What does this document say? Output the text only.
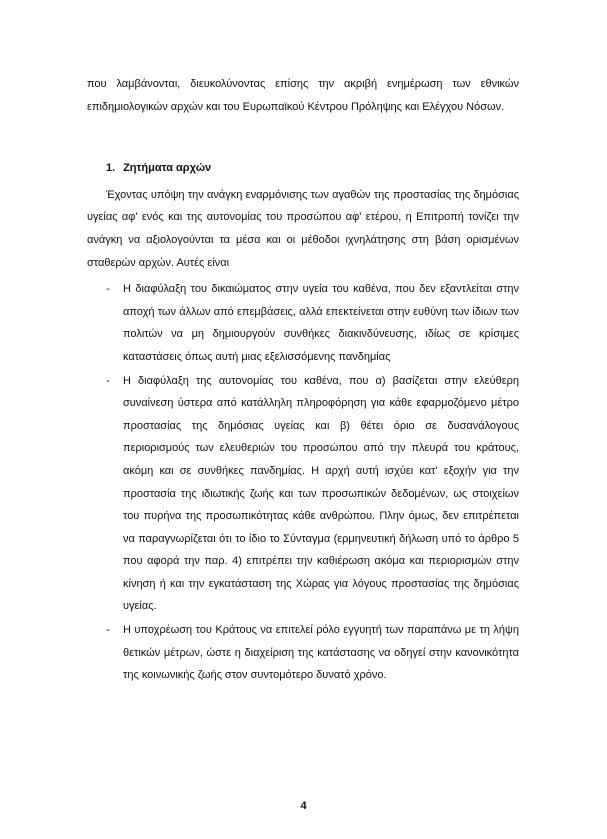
που λαμβάνονται, διευκολύνοντας επίσης την ακριβή ενημέρωση των εθνικών επιδημιολογικών αρχών και του Ευρωπαϊκού Κέντρου Πρόληψης και Ελέγχου Νόσων.

1. Ζητήματα αρχών

Έχοντας υπόψη την ανάγκη εναρμόνισης των αγαθών της προστασίας της δημόσιας υγείας αφ' ενός και της αυτονομίας του προσώπου αφ' ετέρου, η Επιτροπή τονίζει την ανάγκη να αξιολογούνται τα μέσα και οι μέθοδοι ιχνηλάτησης στη βάση ορισμένων σταθερών αρχών. Αυτές είναι

- Η διαφύλαξη του δικαιώματος στην υγεία του καθένα, που δεν εξαντλείται στην αποχή των άλλων από επεμβάσεις, αλλά επεκτείνεται στην ευθύνη των ίδιων των πολιτών να μη δημιουργούν συνθήκες διακινδύνευσης, ιδίως σε κρίσιμες καταστάσεις όπως αυτή μιας εξελισσόμενης πανδημίας
- Η διαφύλαξη της αυτονομίας του καθένα, που α) βασίζεται στην ελεύθερη συναίνεση ύστερα από κατάλληλη πληροφόρηση για κάθε εφαρμοζόμενο μέτρο προστασίας της δημόσιας υγείας και β) θέτει όριο σε δυσανάλογους περιορισμούς των ελευθεριών του προσώπου από την πλευρά του κράτους, ακόμη και σε συνθήκες πανδημίας. Η αρχή αυτή ισχύει κατ' εξοχήν για την προστασία της ιδιωτικής ζωής και των προσωπικών δεδομένων, ως στοιχείων του πυρήνα της προσωπικότητας κάθε ανθρώπου. Πλην όμως, δεν επιτρέπεται να παραγνωρίζεται ότι το ίδιο το Σύνταγμα (ερμηνευτική δήλωση υπό το άρθρο 5 που αφορά την παρ. 4) επιτρέπει την καθιέρωση ακόμα και περιορισμών στην κίνηση ή και την εγκατάσταση της Χώρας για λόγους προστασίας της δημόσιας υγείας.
- Η υποχρέωση του Κράτους να επιτελεί ρόλο εγγυητή των παραπάνω με τη λήψη θετικών μέτρων, ώστε η διαχείριση της κατάστασης να οδηγεί στην κανονικότητα της κοινωνικής ζωής στον συντομότερο δυνατό χρόνο.
4
